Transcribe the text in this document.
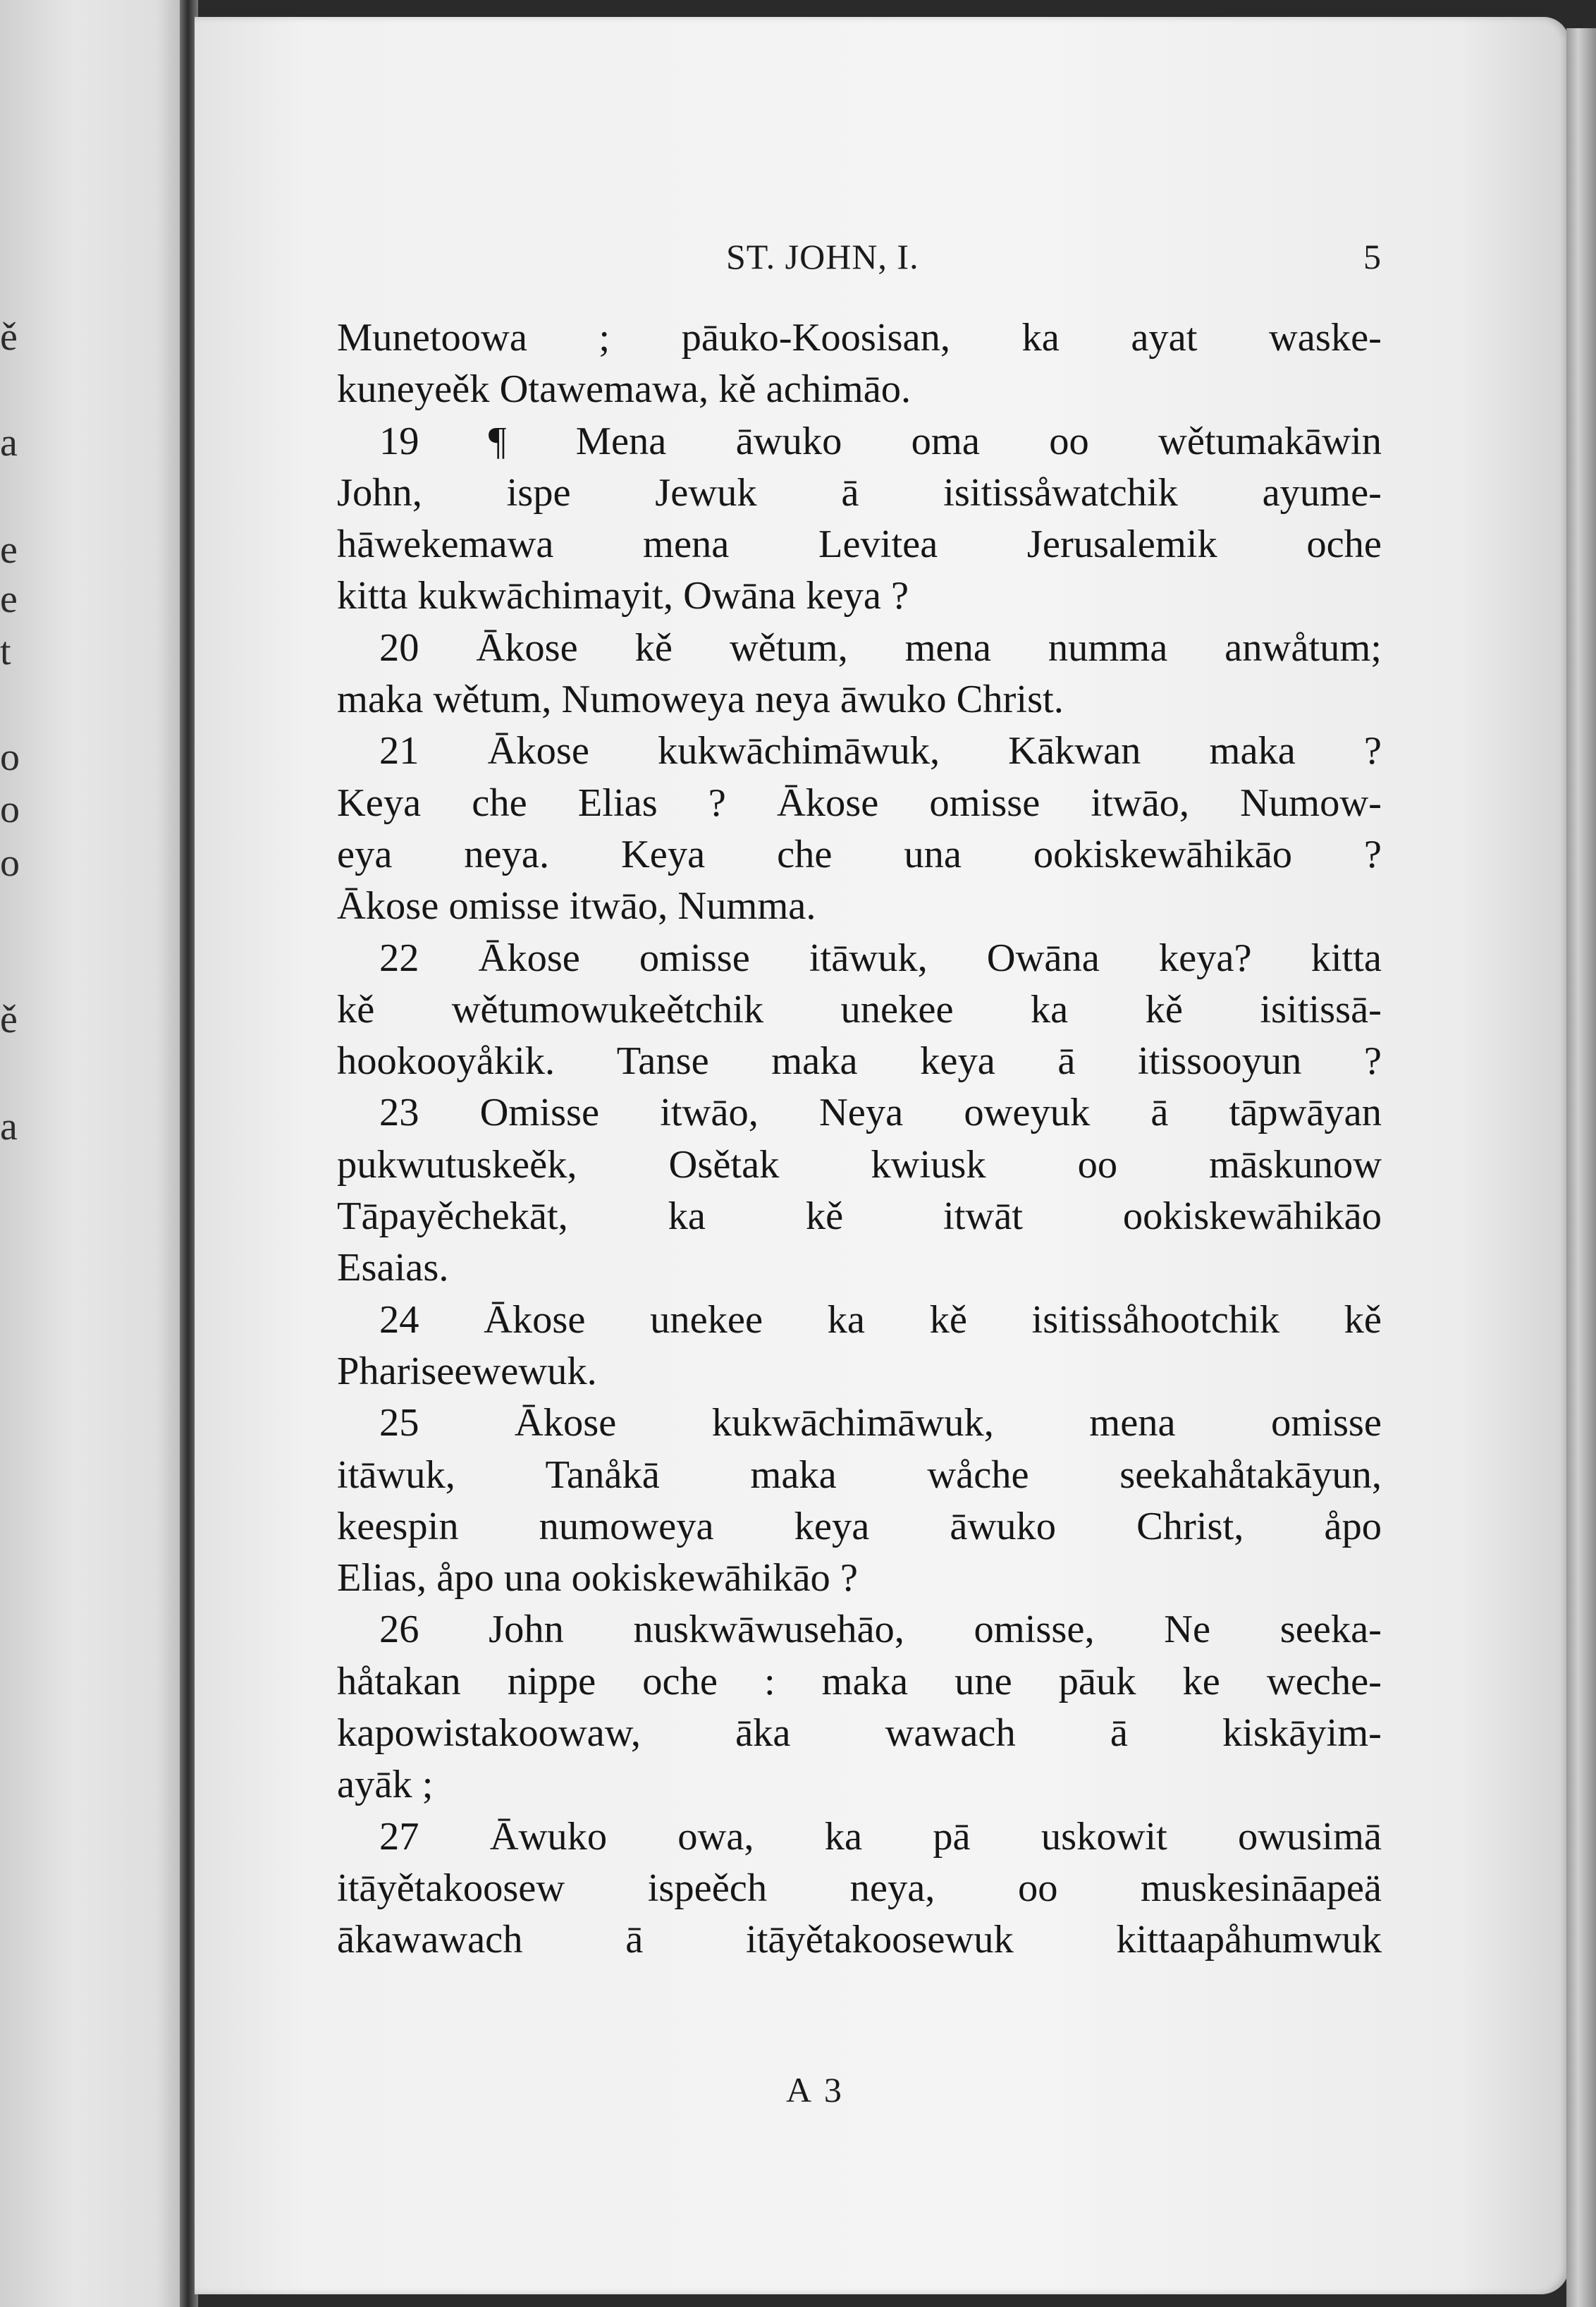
ě
a
e
e
t
o
o
o
ě
a
ST. JOHN, I.	5
Munetoowa ; pāuko-Koosisan, ka ayat waske-
kuneyeěk Otawemawa, kě achimāo.
19 ¶ Mena āwuko oma oo wětumakāwin
John, ispe Jewuk ā isitissåwatchik ayume-
hāwekemawa mena Levitea Jerusalemik oche
kitta kukwāchimayit, Owāna keya ?
20 Ākose kě wětum, mena numma anwåtum;
maka wětum, Numoweya neya āwuko Christ.
21 Ākose kukwāchimāwuk, Kākwan maka ?
Keya che Elias ? Ākose omisse itwāo, Numow-
eya neya. Keya che una ookiskewāhikāo ?
Ākose omisse itwāo, Numma.
22 Ākose omisse itāwuk, Owāna keya? kitta
kě wětumowukeětchik unekee ka kě isitissā-
hookooyåkik. Tanse maka keya ā itissooyun ?
23 Omisse itwāo, Neya oweyuk ā tāpwāyan
pukwutuskeěk, Osětak kwiusk oo māskunow
Tāpayěchekāt, ka kě itwāt ookiskewāhikāo
Esaias.
24 Ākose unekee ka kě isitissåhootchik kě
Phariseewewuk.
25 Ākose kukwāchimāwuk, mena omisse
itāwuk, Tanåkā maka wåche seekahåtakāyun,
keespin numoweya keya āwuko Christ, åpo
Elias, åpo una ookiskewāhikāo ?
26 John nuskwāwusehāo, omisse, Ne seeka-
håtakan nippe oche : maka une pāuk ke weche-
kapowistakoowaw, āka wawach ā kiskāyim-
ayāk ;
27 Āwuko owa, ka pā uskowit owusimā
itāyětakoosew ispeěch neya, oo muskesināapeä
ākawawach ā itāyětakoosewuk kittaapåhumwuk
A 3
